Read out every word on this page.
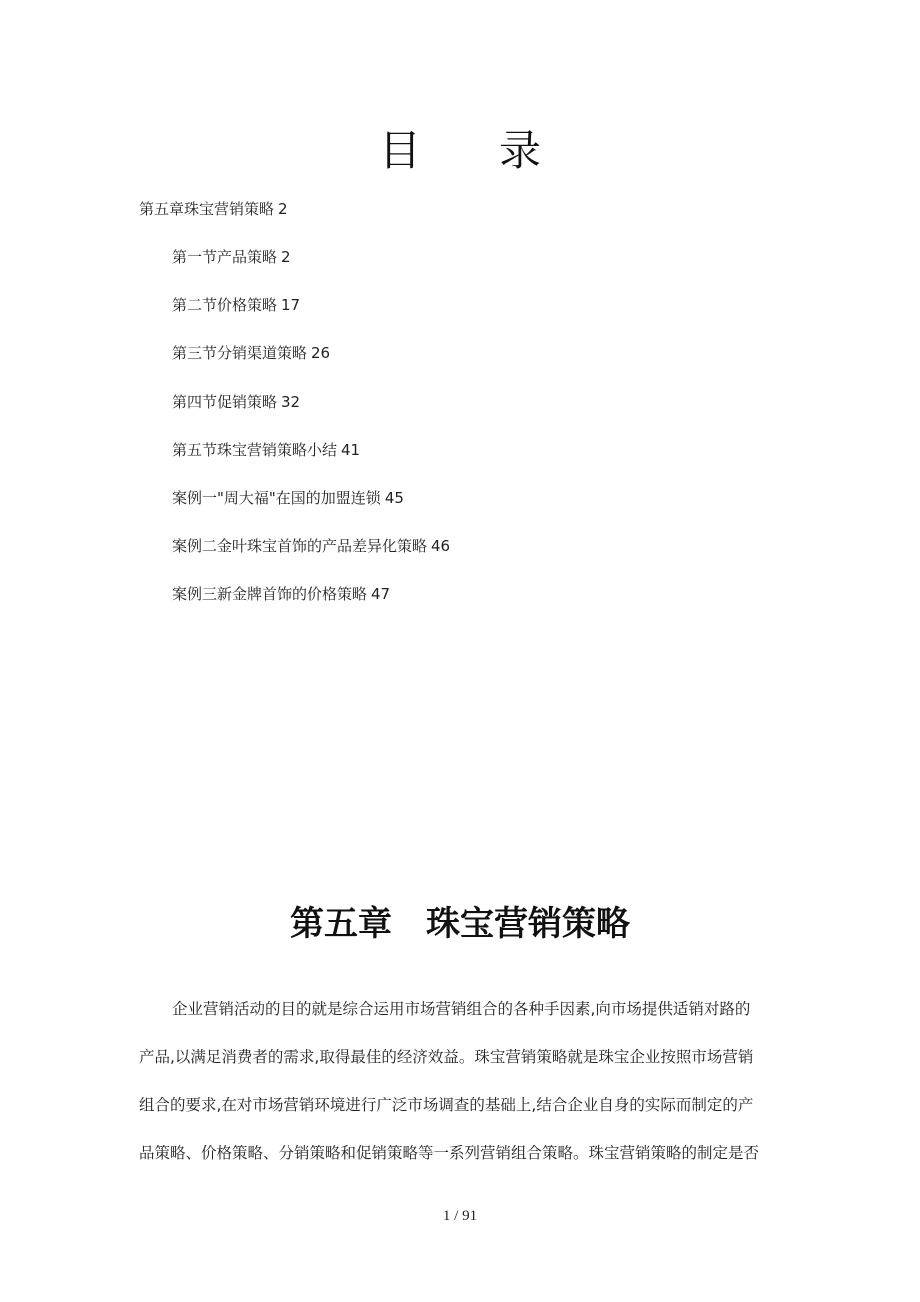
目 录
第五章珠宝营销策略 2
第一节产品策略 2
第二节价格策略 17
第三节分销渠道策略 26
第四节促销策略 32
第五节珠宝营销策略小结 41
案例一"周大福"在国的加盟连锁 45
案例二金叶珠宝首饰的产品差异化策略 46
案例三新金牌首饰的价格策略 47
第五章 珠宝营销策略
企业营销活动的目的就是综合运用市场营销组合的各种手因素,向市场提供适销对路的
产品,以满足消费者的需求,取得最佳的经济效益。珠宝营销策略就是珠宝企业按照市场营销
组合的要求,在对市场营销环境进行广泛市场调查的基础上,结合企业自身的实际而制定的产
品策略、价格策略、分销策略和促销策略等一系列营销组合策略。珠宝营销策略的制定是否
1 / 91
